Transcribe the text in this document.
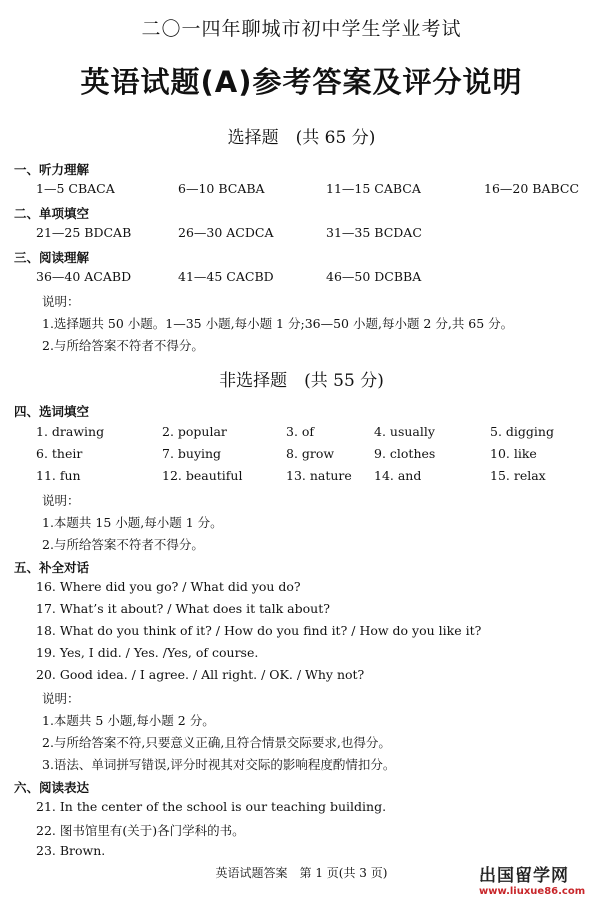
二〇一四年聊城市初中学生学业考试
英语试题(A)参考答案及评分说明
选择题　(共 65 分)
一、听力理解
1—5 CBACA	6—10 BCABA	11—15 CABCA	16—20 BABCC
二、单项填空
21—25 BDCAB	26—30 ACDCA	31—35 BCDAC
三、阅读理解
36—40 ACABD	41—45 CACBD	46—50 DCBBA
说明：
1.选择题共 50 小题。1—35 小题,每小题 1 分;36—50 小题,每小题 2 分,共 65 分。
2.与所给答案不符者不得分。
非选择题　(共 55 分)
四、选词填空
1. drawing	2. popular	3. of	4. usually	5. digging
6. their	7. buying	8. grow	9. clothes	10. like
11. fun	12. beautiful	13. nature 14. and	15. relax
说明：
1.本题共 15 小题,每小题 1 分。
2.与所给答案不符者不得分。
五、补全对话
16. Where did you go? / What did you do?
17. What’s it about? / What does it talk about?
18. What do you think of it? / How do you find it? / How do you like it?
19. Yes, I did. / Yes. /Yes, of course.
20. Good idea. / I agree. / All right. / OK. / Why not?
说明：
1.本题共 5 小题,每小题 2 分。
2.与所给答案不符,只要意义正确,且符合情景交际要求,也得分。
3.语法、单词拼写错误,评分时视其对交际的影响程度酌情扣分。
六、阅读表达
21. In the center of the school is our teaching building.
22. 图书馆里有(关于)各门学科的书。
23. Brown.
英语试题答案　第 1 页(共 3 页)	出国留学网
www.liuxue86.com
